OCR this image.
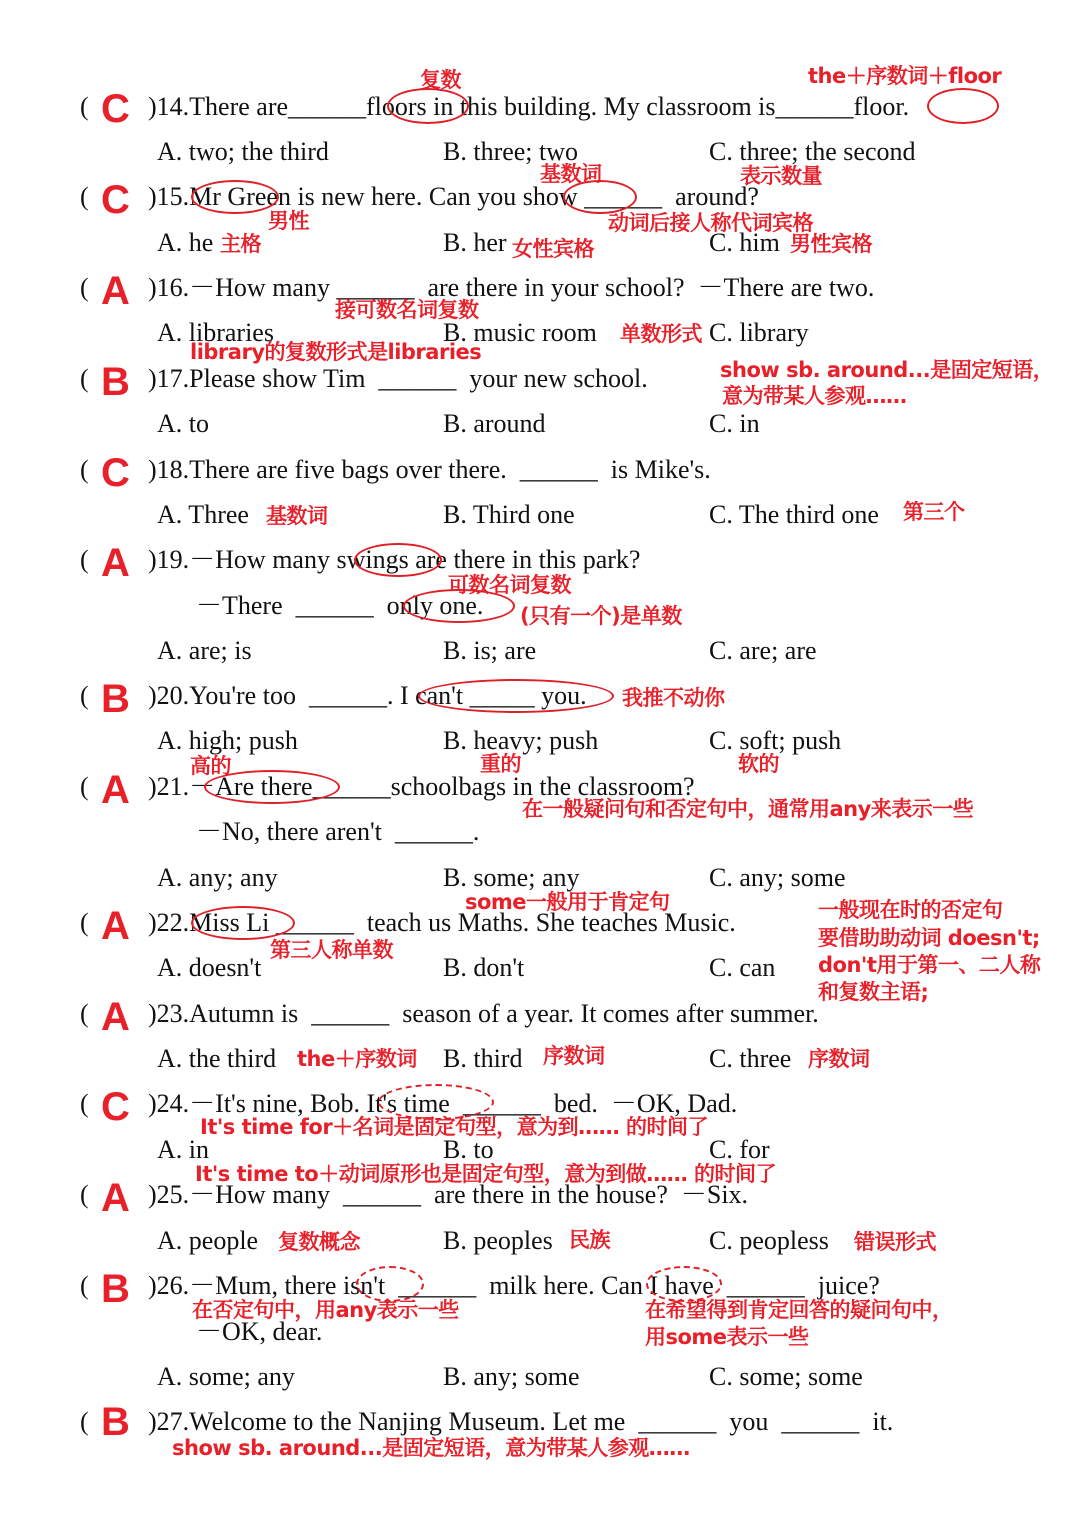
( C )14.There are______floors in this building. My classroom is______floor.
A. two; the third	B. three; two	C. three; the second
复数	the＋序数词＋floor
( C )15.Mr Green is new here. Can you show ______  around?
A. he	B. her	C. him
基数词	表示数量
男性	动词后接人称代词宾格
主格	女性宾格	男性宾格
( A )16.－How many ______  are there in your school?  －There are two.
A. libraries	B. music room	C. library
接可数名词复数
单数形式
library的复数形式是libraries
( B )17.Please show Tim  ______  your new school.
A. to	B. around	C. in
show sb. around...是固定短语，
意为带某人参观……
( C )18.There are five bags over there.  ______  is Mike's.
A. Three	B. Third one	C. The third one
基数词	第三个
( A )19.－How many swings are there in this park?
－There  ______  only one.
A. are; is	B. is; are	C. are; are
可数名词复数
(只有一个)是单数
( B )20.You're too  ______. I can't _____ you.
A. high; push	B. heavy; push	C. soft; push
我推不动你
高的	重的	软的
( A )21.－Are there______schoolbags in the classroom?
－No, there aren't  ______.
A. any; any	B. some; any	C. any; some
在一般疑问句和否定句中，通常用any来表示一些
( A )22.Miss Li ______  teach us Maths. She teaches Music.
A. doesn't	B. don't	C. can
some一般用于肯定句
第三人称单数
一般现在时的否定句
要借助助动词 doesn't;
don't用于第一、二人称
和复数主语;
( A )23.Autumn is  ______  season of a year. It comes after summer.
A. the third	B. third	C. three
the＋序数词	序数词	序数词
( C )24.－It's nine, Bob. It's time  ______  bed.  －OK, Dad.
A. in	B. to	C. for
It's time for＋名词是固定句型，意为到…… 的时间了
It's time to＋动词原形也是固定句型，意为到做…… 的时间了
( A )25.－How many  ______  are there in the house?  －Six.
A. people	B. peoples	C. peopless
复数概念	民族	错误形式
( B )26.－Mum, there isn't  ______  milk here. Can I have  ______  juice?
－OK, dear.
A. some; any	B. any; some	C. some; some
在否定句中，用any表示一些	在希望得到肯定回答的疑问句中，
用some表示一些
( B )27.Welcome to the Nanjing Museum. Let me  ______  you  ______  it.
show sb. around...是固定短语，意为带某人参观……
